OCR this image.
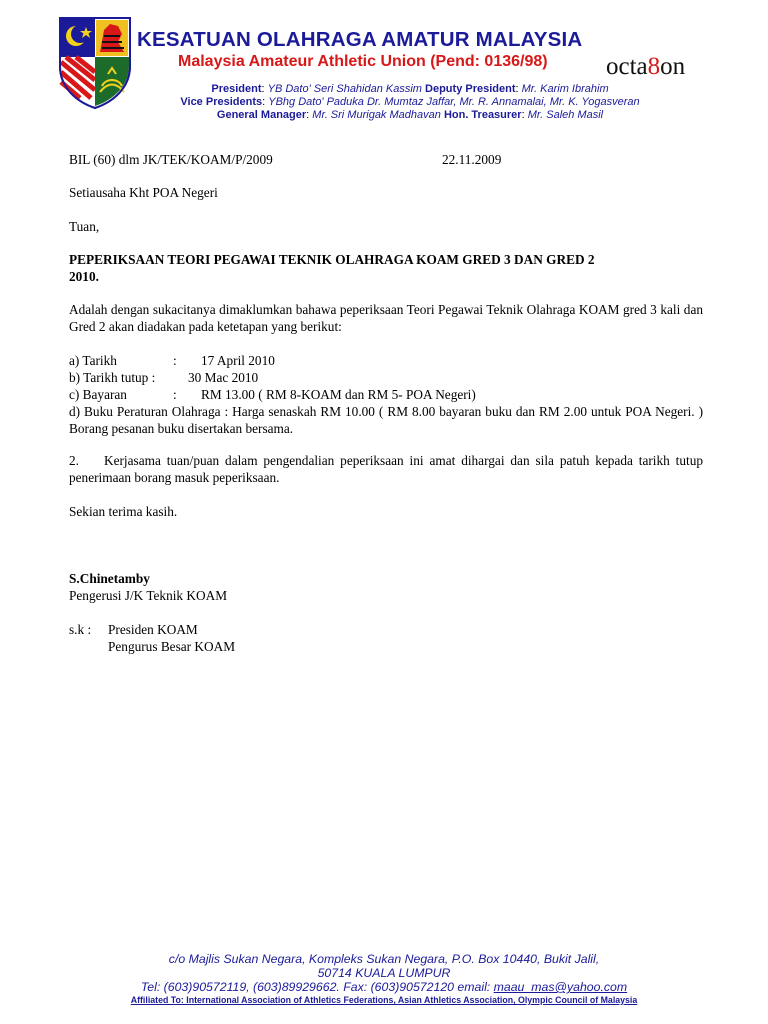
KESATUAN OLAHRAGA AMATUR MALAYSIA
Malaysia Amateur Athletic Union (Pend: 0136/98) octa8on
President: YB Dato' Seri Shahidan Kassim Deputy President: Mr. Karim Ibrahim
Vice Presidents: YBhg Dato' Paduka Dr. Mumtaz Jaffar, Mr. R. Annamalai, Mr. K. Yogasveran
General Manager: Mr. Sri Murigak Madhavan Hon. Treasurer: Mr. Saleh Masil
BIL (60) dlm JK/TEK/KOAM/P/2009	22.11.2009
Setiausaha Kht POA Negeri
Tuan,
PEPERIKSAAN TEORI PEGAWAI TEKNIK OLAHRAGA KOAM GRED 3 DAN GRED 2
2010.
Adalah dengan sukacitanya dimaklumkan bahawa peperiksaan Teori Pegawai Teknik Olahraga KOAM gred 3 kali dan Gred 2 akan diadakan pada ketetapan yang berikut:
a) Tarikh	: 17 April 2010
b) Tarikh tutup : 30 Mac 2010
c) Bayaran	: RM 13.00 ( RM 8-KOAM dan RM 5- POA Negeri)
d) Buku Peraturan Olahraga : Harga senaskah RM 10.00 ( RM 8.00 bayaran buku dan RM 2.00 untuk POA Negeri. ) Borang pesanan buku disertakan bersama.
2. Kerjasama tuan/puan dalam pengendalian peperiksaan ini amat dihargai dan sila patuh kepada tarikh tutup penerimaan borang masuk peperiksaan.
Sekian terima kasih.
S.Chinetamby
Pengerusi J/K Teknik KOAM
s.k : Presiden KOAM
Pengurus Besar KOAM
c/o Majlis Sukan Negara, Kompleks Sukan Negara, P.O. Box 10440, Bukit Jalil,
50714 KUALA LUMPUR
Tel: (603)90572119, (603)89929662. Fax: (603)90572120 email: maau_mas@yahoo.com
Affiliated To: International Association of Athletics Federations, Asian Athletics Association, Olympic Council of Malaysia
